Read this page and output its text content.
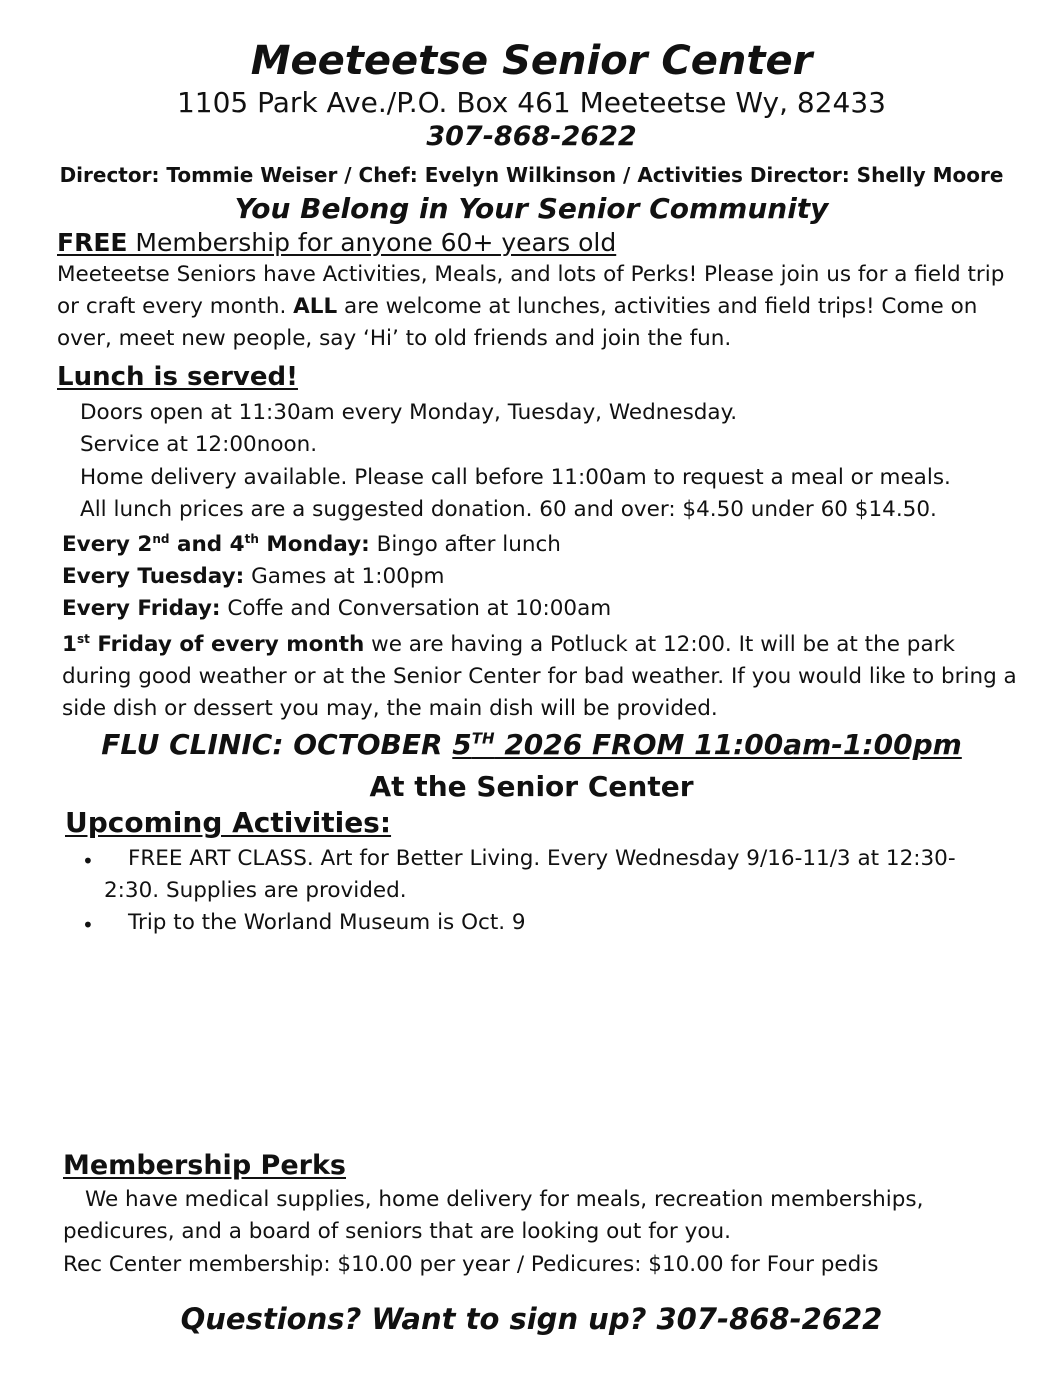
Meeteetse Senior Center
1105 Park Ave./P.O. Box 461 Meeteetse Wy, 82433
307-868-2622
Director: Tommie Weiser / Chef: Evelyn Wilkinson / Activities Director: Shelly Moore
You Belong in Your Senior Community
FREE Membership for anyone 60+ years old
Meeteetse Seniors have Activities, Meals, and lots of Perks! Please join us for a field trip or craft every month. ALL are welcome at lunches, activities and field trips! Come on over, meet new people, say ‘Hi’ to old friends and join the fun.
Lunch is served!
Doors open at 11:30am every Monday, Tuesday, Wednesday.
Service at 12:00noon.
Home delivery available. Please call before 11:00am to request a meal or meals.
All lunch prices are a suggested donation. 60 and over: $4.50 under 60 $14.50.
Every 2nd and 4th Monday: Bingo after lunch
Every Tuesday: Games at 1:00pm
Every Friday: Coffe and Conversation at 10:00am
1st Friday of every month we are having a Potluck at 12:00. It will be at the park during good weather or at the Senior Center for bad weather. If you would like to bring a side dish or dessert you may, the main dish will be provided.
FLU CLINIC: OCTOBER 5TH 2026 FROM 11:00am-1:00pm
At the Senior Center
Upcoming Activities:
• FREE ART CLASS. Art for Better Living. Every Wednesday 9/16-11/3 at 12:30-
2:30. Supplies are provided.
• Trip to the Worland Museum is Oct. 9
Membership Perks
We have medical supplies, home delivery for meals, recreation memberships,
pedicures, and a board of seniors that are looking out for you.
Rec Center membership: $10.00 per year / Pedicures: $10.00 for Four pedis
Questions? Want to sign up? 307-868-2622
